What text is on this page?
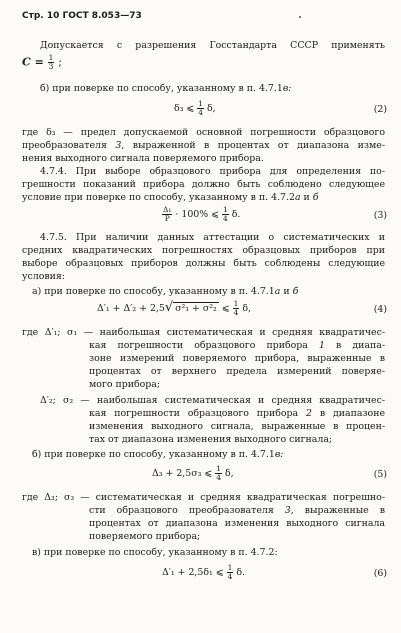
Стр. 10 ГОСТ 8.053—73
Допускается с разрешения Госстандарта СССР применять
$C = \frac{1}{3}$ ;
б) при поверке по способу, указанному в п. 4.7.1в:
δ₃ ⩽ $\frac{1}{4} \delta$,	(2)
где δ₃ — предел допускаемой основной погрешности образцового
преобразователя 3, выраженной в процентах от диапазона изме-
нения выходного сигнала поверяемого прибора.
4.7.4. При выборе образцового прибора для определения по-
грешности показаний прибора должно быть соблюдено следующее
условие при поверке по способу, указанному в п. 4.7.2а и б
$\frac{\text{Δ₁}}{P} \cdot 100\%$ ⩽ $\frac{1}{4} \delta$.	(3)
4.7.5. При наличии данных аттестации о систематических и
средних квадратических погрешностях образцовых приборов при
выборе образцовых приборов должны быть соблюдены следующие
условия:
а) при поверке по способу, указанному в п. 4.7.1а и б
Δ′₁ + Δ′₂ + 2,5√ σ²₁ + σ²₂ ⩽ $\frac{1}{4} \delta$,	(4)
где Δ′₁; σ₁ — наибольшая систематическая и средняя квадратичес-
кая погрешности образцового прибора 1 в диапа-
зоне измерений поверяемого прибора, выраженные в
процентах от верхнего предела измерений поверяе-
мого прибора;
Δ′₂; σ₂ — наибольшая систематическая и средняя квадратичес-
кая погрешности образцового прибора 2 в диапазоне
изменения выходного сигнала, выраженные в процен-
тах от диапазона изменения выходного сигнала;
б) при поверке по способу, указанному в п. 4.7.1в:
Δ₃ + 2,5σ₃ ⩽ $\frac{1}{4} \delta$,	(5)
где Δ₃; σ₃ — систематическая и средняя квадратическая погрешно-
сти образцового преобразователя 3, выраженные в
процентах от диапазона изменения выходного сигнала
поверяемого прибора;
в) при поверке по способу, указанному в п. 4.7.2:
Δ′₁ + 2,5δ₁ ⩽ $\frac{1}{4} \delta$.	(6)
